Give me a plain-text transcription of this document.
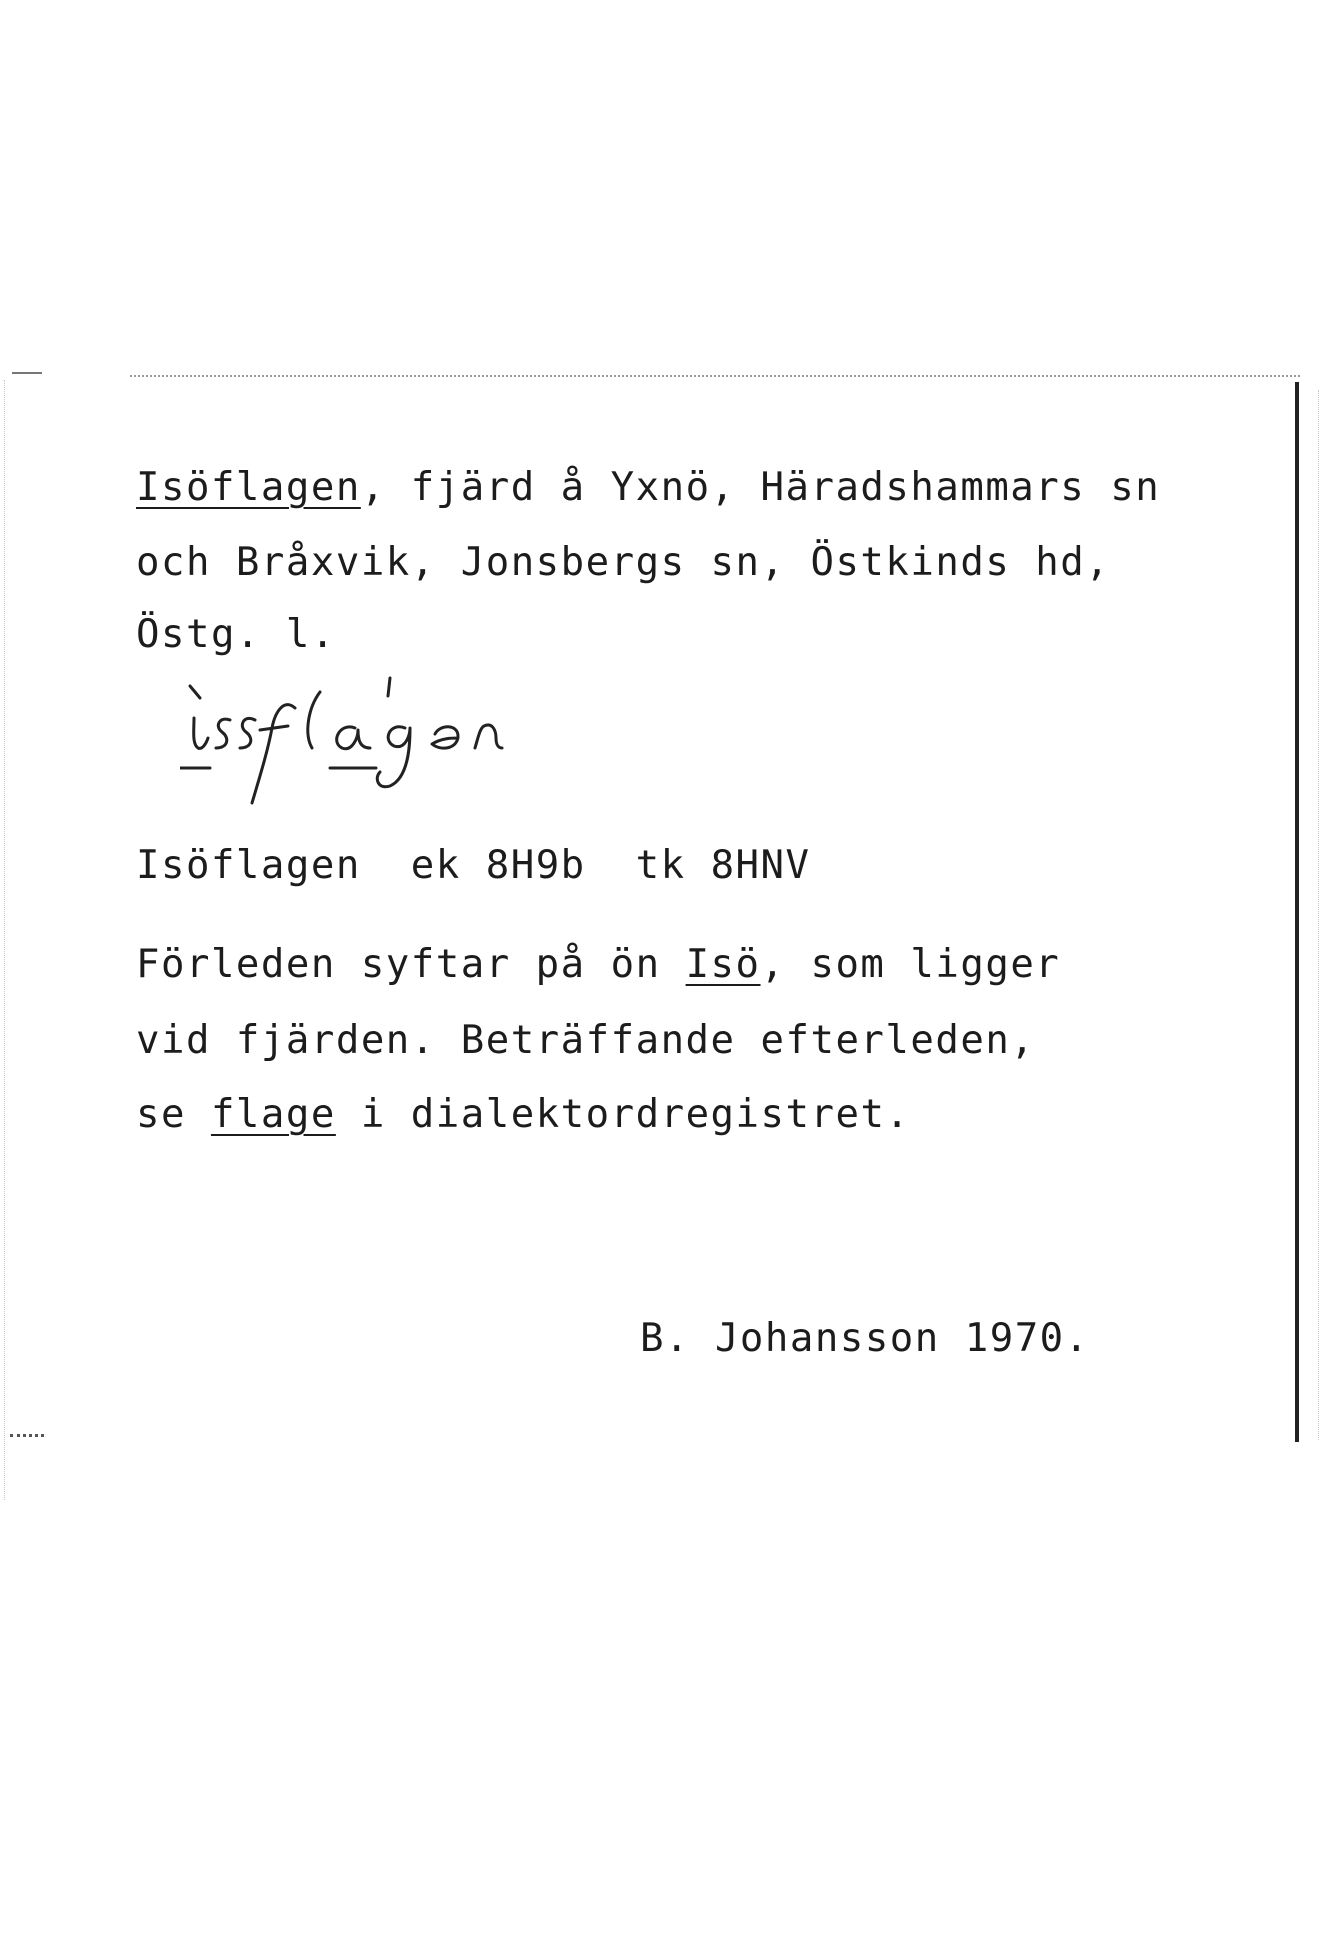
Isöflagen, fjärd å Yxnö, Häradshammars sn
och Bråxvik, Jonsbergs sn, Östkinds hd,
Östg. l.
Isöflagen ek 8H9b tk 8HNV
Förleden syftar på ön Isö, som ligger
vid fjärden. Beträffande efterleden,
se flage i dialektordregistret.
B. Johansson 1970.
